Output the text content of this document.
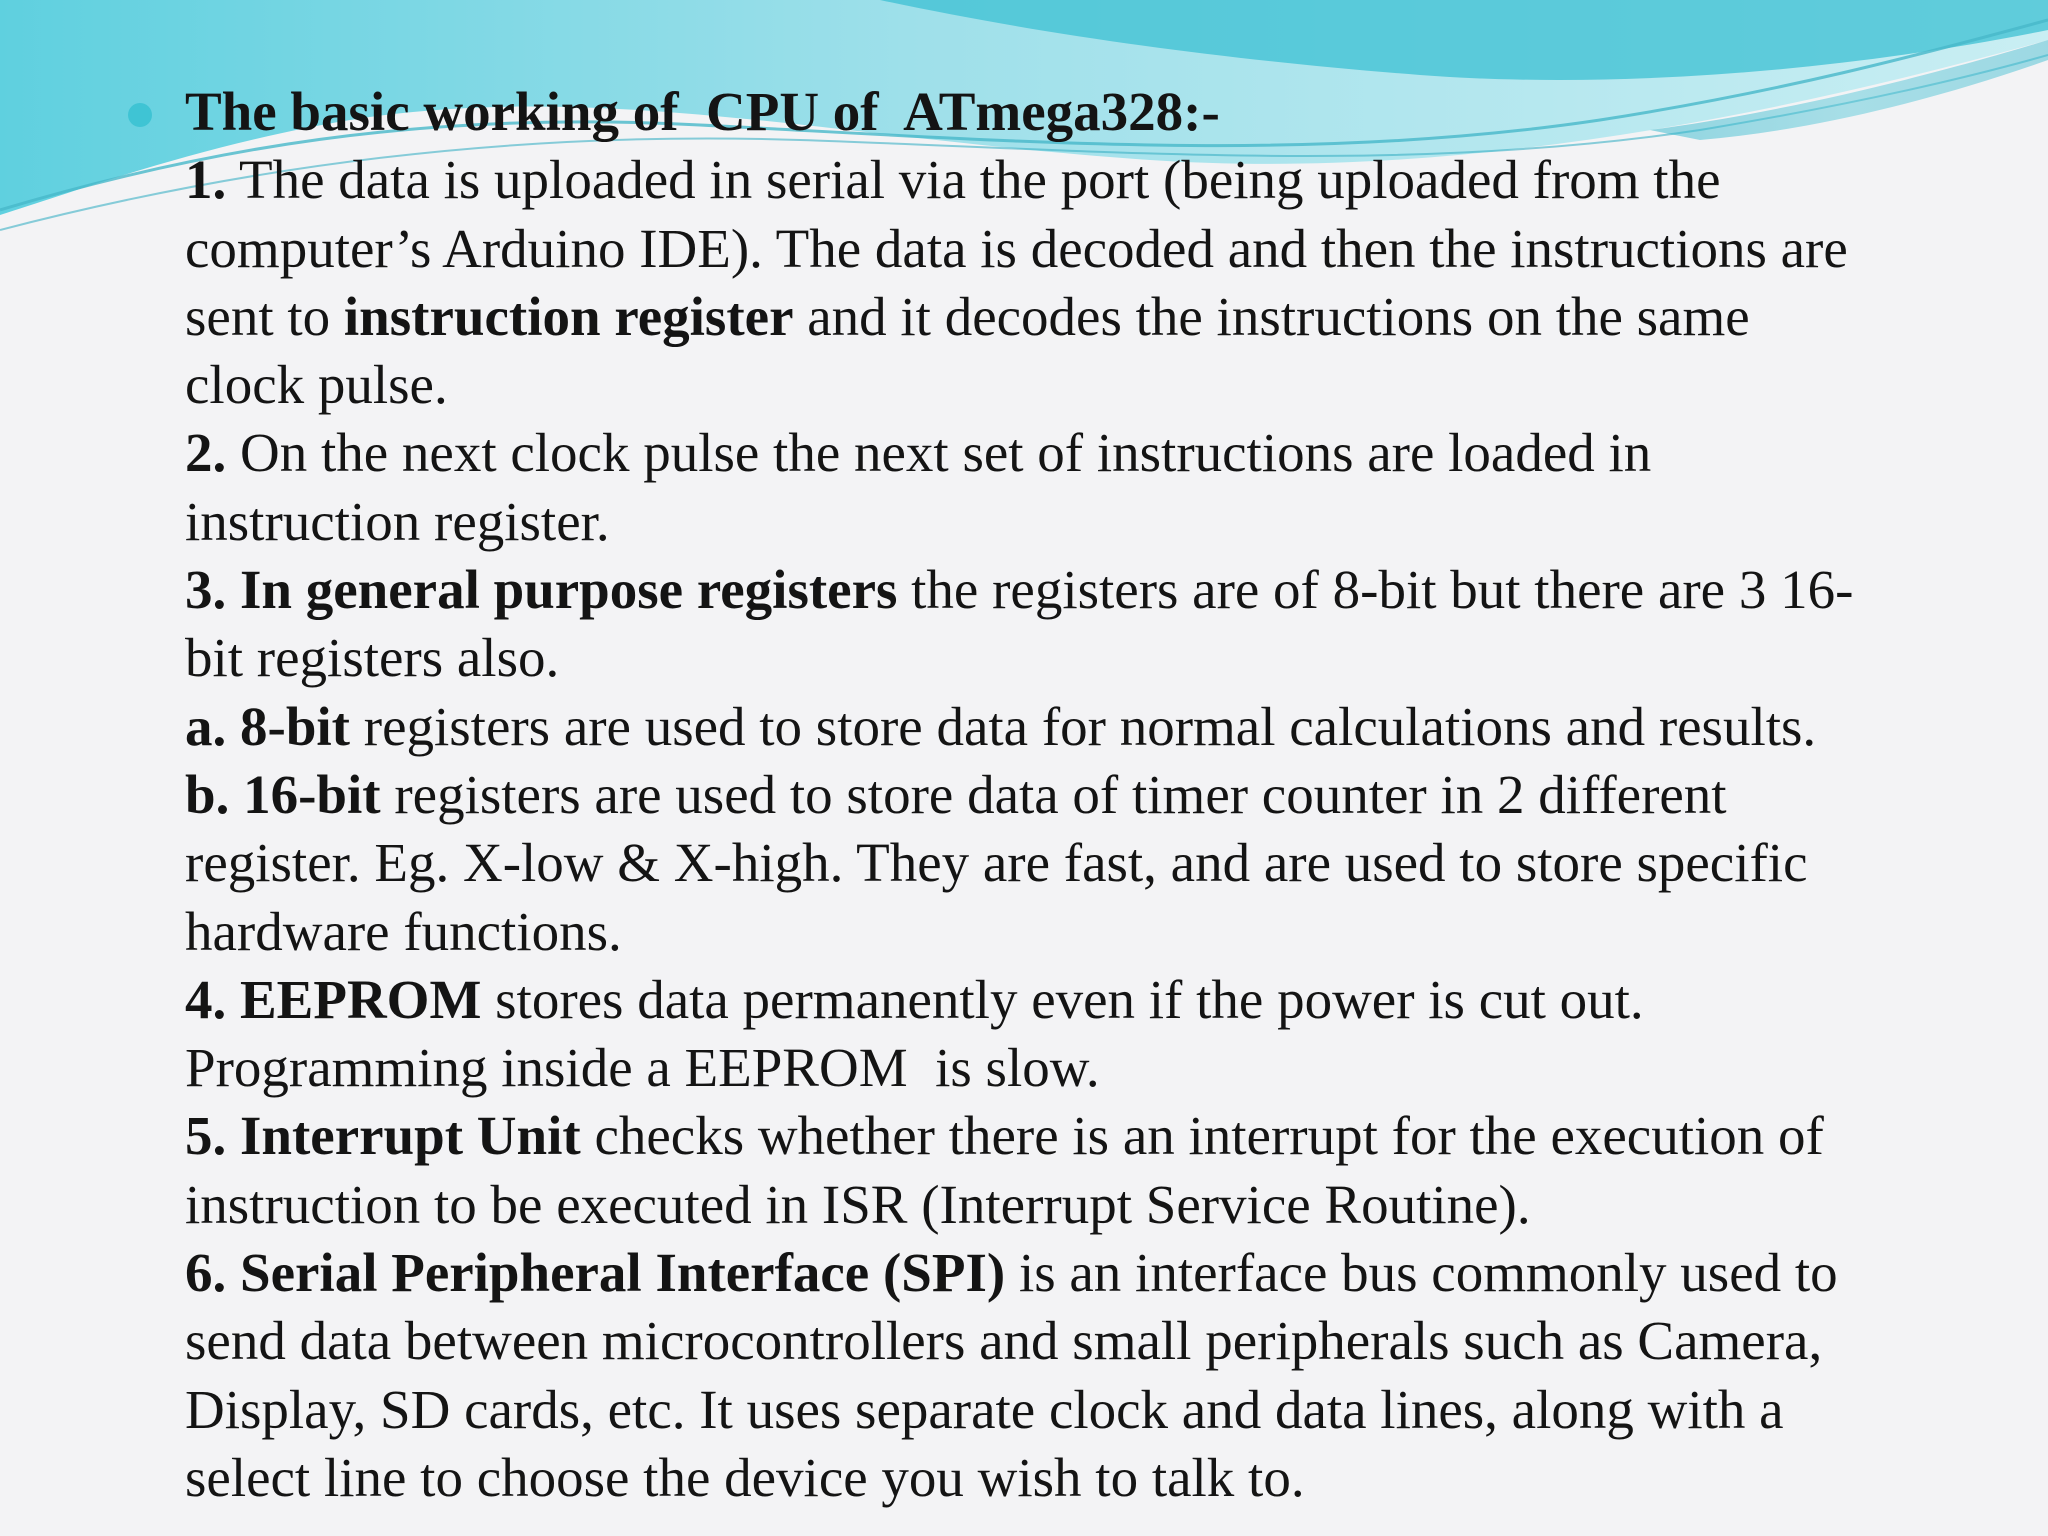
The basic working of  CPU of  ATmega328:-
1. The data is uploaded in serial via the port (being uploaded from the
computer’s Arduino IDE). The data is decoded and then the instructions are
sent to instruction register and it decodes the instructions on the same
clock pulse.
2. On the next clock pulse the next set of instructions are loaded in
instruction register.
3. In general purpose registers the registers are of 8-bit but there are 3 16-
bit registers also.
a. 8-bit registers are used to store data for normal calculations and results.
b. 16-bit registers are used to store data of timer counter in 2 different
register. Eg. X-low & X-high. They are fast, and are used to store specific
hardware functions.
4. EEPROM stores data permanently even if the power is cut out.
Programming inside a EEPROM  is slow.
5. Interrupt Unit checks whether there is an interrupt for the execution of
instruction to be executed in ISR (Interrupt Service Routine).
6. Serial Peripheral Interface (SPI) is an interface bus commonly used to
send data between microcontrollers and small peripherals such as Camera,
Display, SD cards, etc. It uses separate clock and data lines, along with a
select line to choose the device you wish to talk to.
